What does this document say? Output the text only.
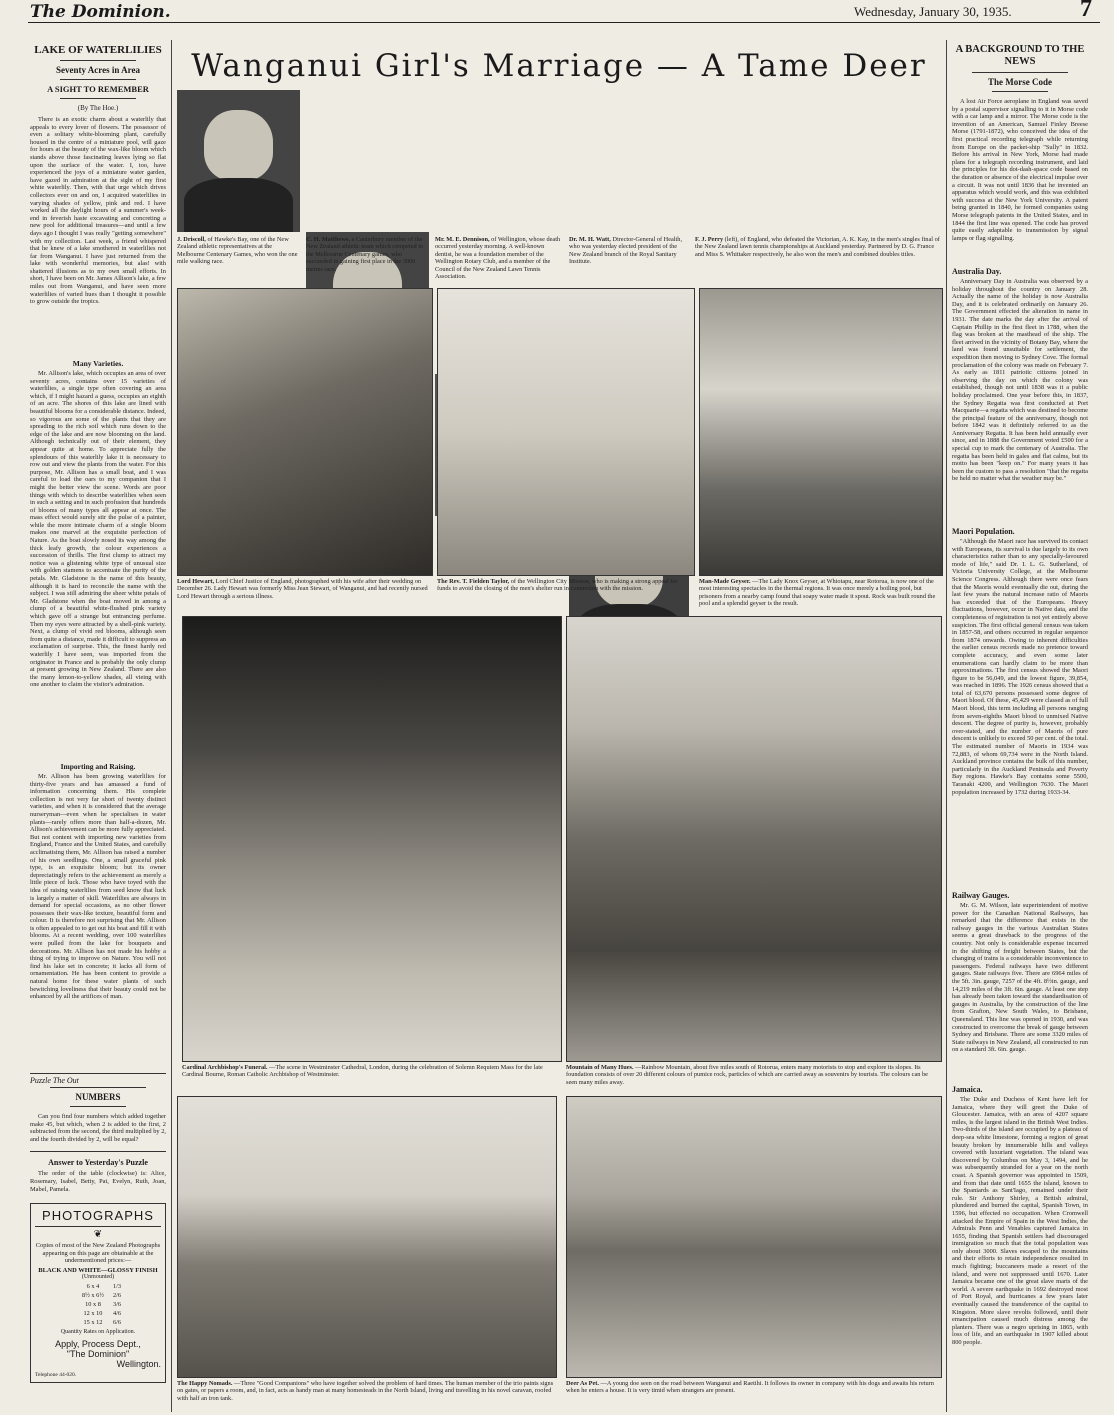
The Dominion.	Wednesday, January 30, 1935.	7
Wanganui Girl's Marriage — A Tame Deer
LAKE OF WATERLILIES
Seventy Acres in Area
A SIGHT TO REMEMBER
(By The Hoe.)

There is an exotic charm about a waterlily that appeals to every lover of flowers. The possessor of even a solitary white-blooming plant, carefully housed in the centre of a miniature pool, will gaze for hours at the beauty of the wax-like bloom which stands above those fascinating leaves lying so flat upon the surface of the water. I, too, have experienced the joys of a miniature water garden, have gazed in admiration at the sight of my first white waterlily. Then, with that urge which drives collectors ever on and on, I acquired waterlilies in varying shades of yellow, pink and red. I have worked all the daylight hours of a summer's week-end in feverish haste excavating and concreting a new pool for additional treasures—and until a few days ago I thought I was really "getting somewhere" with my collection. Last week, a friend whispered that he knew of a lake smothered in waterlilies not far from Wanganui. I have just returned from the lake with wonderful memories, but alas! with shattered illusions as to my own small efforts. In short, I have been on Mr. James Allison's lake, a few miles out from Wanganui, and have seen more waterlilies of varied hues than I thought it possible to grow outside the tropics.

Many Varieties.

Mr. Allison's lake, which occupies an area of over seventy acres, contains over 15 varieties of waterlilies, a single type often covering an area which, if I might hazard a guess, occupies an eighth of an acre. The shores of this lake are lined with beautiful blooms for a considerable distance. Indeed, so vigorous are some of the plants that they are spreading to the rich soil which runs down to the edge of the lake and are now blooming on the land. Although technically out of their element, they appear quite at home. To appreciate fully the splendours of this waterlily lake it is necessary to row out and view the plants from the water. For this purpose, Mr. Allison has a small boat, and I was careful to load the oars to my companion that I might the better view the scene. Words are poor things with which to describe waterlilies when seen in such a setting and in such profusion that hundreds of blooms of many types all appear at once. The mass effect would surely stir the pulse of a painter, while the more intimate charm of a single bloom makes one marvel at the exquisite perfection of Nature. As the boat slowly nosed its way among the thick leafy growth, the colour experiences a succession of thrills. The first clump to attract my notice was a glistening white type of unusual size with golden stamens to accentuate the purity of the petals. Mr. Gladstone is the name of this beauty, although it is hard to reconcile the name with the subject. I was still admiring the sheer white petals of Mr. Gladstone when the boat moved in among a clump of a beautiful white-flushed pink variety which gave off a strange but entrancing perfume. Then my eyes were attracted by a shell-pink variety. Next, a clump of vivid red blooms, although seen from quite a distance, made it difficult to suppress an exclamation of surprise. This, the finest hardy red waterlily I have seen, was imported from the originator in France and is probably the only clump at present growing in New Zealand. There are also the many lemon-to-yellow shades, all vieing with one another to claim the visitor's admiration.

Importing and Raising.

Mr. Allison has been growing waterlilies for thirty-five years and has amassed a fund of information concerning them. His complete collection is not very far short of twenty distinct varieties, and when it is considered that the average nurseryman—even when he specialises in water plants—rarely offers more than half-a-dozen, Mr. Allison's achievement can be more fully appreciated. But not content with importing new varieties from England, France and the United States, and carefully acclimatising them, Mr. Allison has raised a number of his own seedlings. One, a small graceful pink type, is an exquisite bloom; but its owner depreciatingly refers to the achievement as merely a little piece of luck. Those who have toyed with the idea of raising waterlilies from seed know that luck is largely a matter of skill. Waterlilies are always in demand for special occasions, as no other flower possesses their wax-like texture, beautiful form and colour. It is therefore not surprising that Mr. Allison is often appealed to to get out his boat and fill it with blooms. At a recent wedding, over 100 waterlilies were pulled from the lake for bouquets and decorations. Mr. Allison has not made his hobby a thing of trying to improve on Nature. You will not find his lake set in concrete; it lacks all form of ornamentation. He has been content to provide a natural home for these water plants of such bewitching loveliness that their beauty could not be enhanced by all the artifices of man.

Puzzle The Out
NUMBERS

Can you find four numbers which added together make 45, but which, when 2 is added to the first, 2 subtracted from the second, the third multiplied by 2, and the fourth divided by 2, will be equal?

Answer to Yesterday's Puzzle

The order of the table (clockwise) is: Alice, Rosemary, Isabel, Betty, Pat, Evelyn, Ruth, Joan, Mabel, Pamela.

PHOTOGRAPHS
❦
Copies of most of the New Zealand Photographs appearing on this page are obtainable at the undermentioned prices:—
BLACK AND WHITE—GLOSSY FINISH
(Unmounted)
6 x 4	1/3
8½ x 6½	2/6
10 x 8	3/6
12 x 10	4/6
15 x 12	6/6
Quantity Rates on Application.
Apply, Process Dept.,
"The Dominion"
Wellington.
Telephone 44-020.
J. Driscoll, of Hawke's Bay, one of the New Zealand athletic representatives at the Melbourne Centenary Games, who won the one mile walking race.
C. H. Matthews, a Canterbury member of the New Zealand athletic team which competed in the Melbourne Centenary games, who succeeded in gaining first place in the 3000 metres race.
Mr. M. E. Dennison, of Wellington, whose death occurred yesterday morning. A well-known dentist, he was a foundation member of the Wellington Rotary Club, and a member of the Council of the New Zealand Lawn Tennis Association.
Dr. M. H. Watt, Director-General of Health, who was yesterday elected president of the New Zealand branch of the Royal Sanitary Institute.
F. J. Perry (left), of England, who defeated the Victorian, A. K. Kay, in the men's singles final of the New Zealand lawn tennis championships at Auckland yesterday. Partnered by D. G. France and Miss S. Whittaker respectively, he also won the men's and combined doubles titles.
Lord Hewart, Lord Chief Justice of England, photographed with his wife after their wedding on December 26. Lady Hewart was formerly Miss Jean Stewart, of Wanganui, and had recently nursed Lord Hewart through a serious illness.
The Rev. T. Fielden Taylor, of the Wellington City Mission, who is making a strong appeal for funds to avoid the closing of the men's shelter run in connection with the mission.
Man-Made Geyser. —The Lady Knox Geyser, at Whiotapu, near Rotorua, is now one of the most interesting spectacles in the thermal regions. It was once merely a boiling pool, but prisoners from a nearby camp found that soapy water made it spout. Rock was built round the pool and a splendid geyser is the result.
Cardinal Archbishop's Funeral. —The scene in Westminster Cathedral, London, during the celebration of Solemn Requiem Mass for the late Cardinal Bourne, Roman Catholic Archbishop of Westminster.
Mountain of Many Hues. —Rainbow Mountain, about five miles south of Rotorua, enters many motorists to stop and explore its slopes. Its foundation consists of over 20 different colours of pumice rock, particles of which are carried away as souvenirs by tourists. The colours can be seen many miles away.
The Happy Nomads. —Three "Good Companions" who have together solved the problem of hard times. The human member of the trio paints signs on gates, or papers a room, and, in fact, acts as handy man at many homesteads in the North Island, living and travelling in his novel caravan, roofed with half an iron tank.
Deer As Pet. —A young doe seen on the road between Wanganui and Raetihi. It follows its owner in company with his dogs and awaits his return when he enters a house. It is very timid when strangers are present.
A BACKGROUND TO THE NEWS
The Morse Code

A lost Air Force aeroplane in England was saved by a postal supervisor signalling to it in Morse code with a car lamp and a mirror. The Morse code is the invention of an American, Samuel Finley Breese Morse (1791-1872), who conceived the idea of the first practical recording telegraph while returning from Europe on the packet-ship "Sully" in 1832. Before his arrival in New York, Morse had made plans for a telegraph recording instrument, and laid the principles for his dot-dash-space code based on the duration or absence of the electrical impulse over a circuit. It was not until 1836 that he invented an apparatus which would work, and this was exhibited with success at the New York University. A patent being granted in 1840, he formed companies using Morse telegraph patents in the United States, and in 1844 the first line was opened. The code has proved quite easily adaptable to transmission by signal lamps or flag signalling.

Australia Day.

Anniversary Day in Australia was observed by a holiday throughout the country on January 28. Actually the name of the holiday is now Australia Day, and it is celebrated ordinarily on January 26. The Government effected the alteration in name in 1931. The date marks the day after the arrival of Captain Phillip in the first fleet in 1788, when the flag was broken at the masthead of the ship. The fleet arrived in the vicinity of Botany Bay, where the land was found unsuitable for settlement, the expedition then moving to Sydney Cove. The formal proclamation of the colony was made on February 7. As early as 1811 patriotic citizens joined in observing the day on which the colony was established, though not until 1838 was it a public holiday proclaimed. One year before this, in 1837, the Sydney Regatta was first conducted at Port Macquarie—a regatta which was destined to become the principal feature of the anniversary, though not before 1842 was it definitely referred to as the Anniversary Regatta. It has been held annually ever since, and in 1888 the Government voted £500 for a special cup to mark the centenary of Australia. The regatta has been held in gales and flat calms, but its motto has been "keep on." For many years it has been the custom to pass a resolution "that the regatta be held no matter what the weather may be."

Maori Population.

"Although the Maori race has survived its contact with Europeans, its survival is due largely to its own characteristics rather than to any specially-favoured mode of life," said Dr. I. L. G. Sutherland, of Victoria University College, at the Melbourne Science Congress. Although there were once fears that the Maoris would eventually die out, during the last few years the natural increase ratio of Maoris has exceeded that of the Europeans. Heavy fluctuations, however, occur in Native data, and the completeness of registration is not yet entirely above suspicion. The first official general census was taken in 1857-58, and others occurred in regular sequence from 1874 onwards. Owing to inherent difficulties the earlier census records made no pretence toward complete accuracy, and even some later enumerations can hardly claim to be more than approximations. The first census showed the Maori figure to be 56,049, and the lowest figure, 39,854, was reached in 1896. The 1926 census showed that a total of 63,670 persons possessed some degree of Maori blood. Of these, 45,429 were classed as of full Maori blood, this term including all persons ranging from seven-eighths Maori blood to unmixed Native descent. The degree of purity is, however, probably over-stated, and the number of Maoris of pure descent is unlikely to exceed 50 per cent. of the total. The estimated number of Maoris in 1934 was 72,883, of whom 69,734 were in the North Island. Auckland province contains the bulk of this number, particularly in the Auckland Peninsula and Poverty Bay regions. Hawke's Bay contains some 5500, Taranaki 4200, and Wellington 7630. The Maori population increased by 1732 during 1933-34.

Railway Gauges.

Mr. G. M. Wilson, late superintendent of motive power for the Canadian National Railways, has remarked that the difference that exists in the railway gauges in the various Australian States seems a great drawback to the progress of the country. Not only is considerable expense incurred in the shifting of freight between States, but the changing of trains is a considerable inconvenience to passengers. Federal railways have two different gauges. State railways five. There are 6964 miles of the 5ft. 3in. gauge, 7257 of the 4ft. 8½in. gauge, and 14,219 miles of the 3ft. 6in. gauge. At least one step has already been taken toward the standardisation of gauges in Australia, by the construction of the line from Grafton, New South Wales, to Brisbane, Queensland. This line was opened in 1930, and was constructed to overcome the break of gauge between Sydney and Brisbane. There are some 3320 miles of State railways in New Zealand, all constructed to run on a standard 3ft. 6in. gauge.

Jamaica.

The Duke and Duchess of Kent have left for Jamaica, where they will greet the Duke of Gloucester. Jamaica, with an area of 4207 square miles, is the largest island in the British West Indies. Two-thirds of the island are occupied by a plateau of deep-sea white limestone, forming a region of great beauty broken by innumerable hills and valleys covered with luxuriant vegetation. The island was discovered by Columbus on May 3, 1494, and he was subsequently stranded for a year on the north coast. A Spanish governor was appointed in 1509, and from that date until 1655 the island, known to the Spaniards as Sant'Iago, remained under their rule. Sir Anthony Shirley, a British admiral, plundered and burned the capital, Spanish Town, in 1596, but effected no occupation. When Cromwell attacked the Empire of Spain in the West Indies, the Admirals Penn and Venables captured Jamaica in 1655, finding that Spanish settlers had discouraged immigration so much that the total population was only about 3000. Slaves escaped to the mountains and their efforts to retain independence resulted in much fighting; buccaneers made a resort of the island, and were not suppressed until 1670. Later Jamaica became one of the great slave marts of the world. A severe earthquake in 1692 destroyed most of Port Royal, and hurricanes a few years later eventually caused the transference of the capital to Kingston. More slave revolts followed, until their emancipation caused much distress among the planters. There was a negro uprising in 1865, with loss of life, and an earthquake in 1907 killed about 800 people.
